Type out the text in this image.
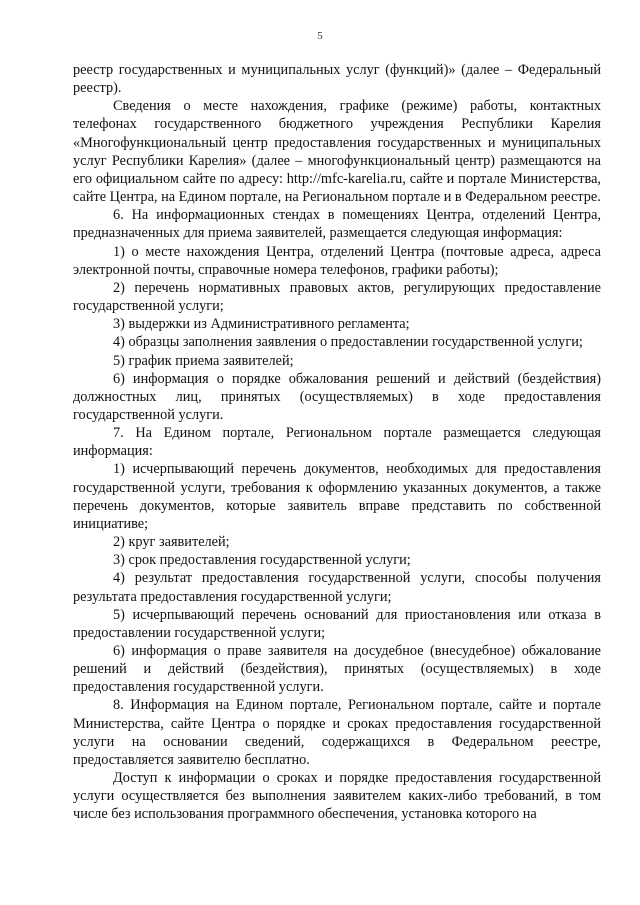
5

реестр государственных и муниципальных услуг (функций)» (далее – Федеральный реестр).

Сведения о месте нахождения, графике (режиме) работы, контактных телефонах государственного бюджетного учреждения Республики Карелия «Многофункциональный центр предоставления государственных и муниципальных услуг Республики Карелия» (далее – многофункциональный центр) размещаются на его официальном сайте по адресу: http://mfc-karelia.ru, сайте и портале Министерства, сайте Центра, на Едином портале, на Региональном портале и в Федеральном реестре.

6. На информационных стендах в помещениях Центра, отделений Центра, предназначенных для приема заявителей, размещается следующая информация:

1) о месте нахождения Центра, отделений Центра (почтовые адреса, адреса электронной почты, справочные номера телефонов, графики работы);

2) перечень нормативных правовых актов, регулирующих предоставление государственной услуги;

3) выдержки из Административного регламента;

4) образцы заполнения заявления о предоставлении государственной услуги;

5) график приема заявителей;

6) информация о порядке обжалования решений и действий (бездействия) должностных лиц, принятых (осуществляемых) в ходе предоставления государственной услуги.

7. На Едином портале, Региональном портале размещается следующая информация:

1) исчерпывающий перечень документов, необходимых для предоставления государственной услуги, требования к оформлению указанных документов, а также перечень документов, которые заявитель вправе представить по собственной инициативе;

2) круг заявителей;

3) срок предоставления государственной услуги;

4) результат предоставления государственной услуги, способы получения результата предоставления государственной услуги;

5) исчерпывающий перечень оснований для приостановления или отказа в предоставлении государственной услуги;

6) информация о праве заявителя на досудебное (внесудебное) обжалование решений и действий (бездействия), принятых (осуществляемых) в ходе предоставления государственной услуги.

8. Информация на Едином портале, Региональном портале, сайте и портале Министерства, сайте Центра о порядке и сроках предоставления государственной услуги на основании сведений, содержащихся в Федеральном реестре, предоставляется заявителю бесплатно.

Доступ к информации о сроках и порядке предоставления государственной услуги осуществляется без выполнения заявителем каких-либо требований, в том числе без использования программного обеспечения, установка которого на
